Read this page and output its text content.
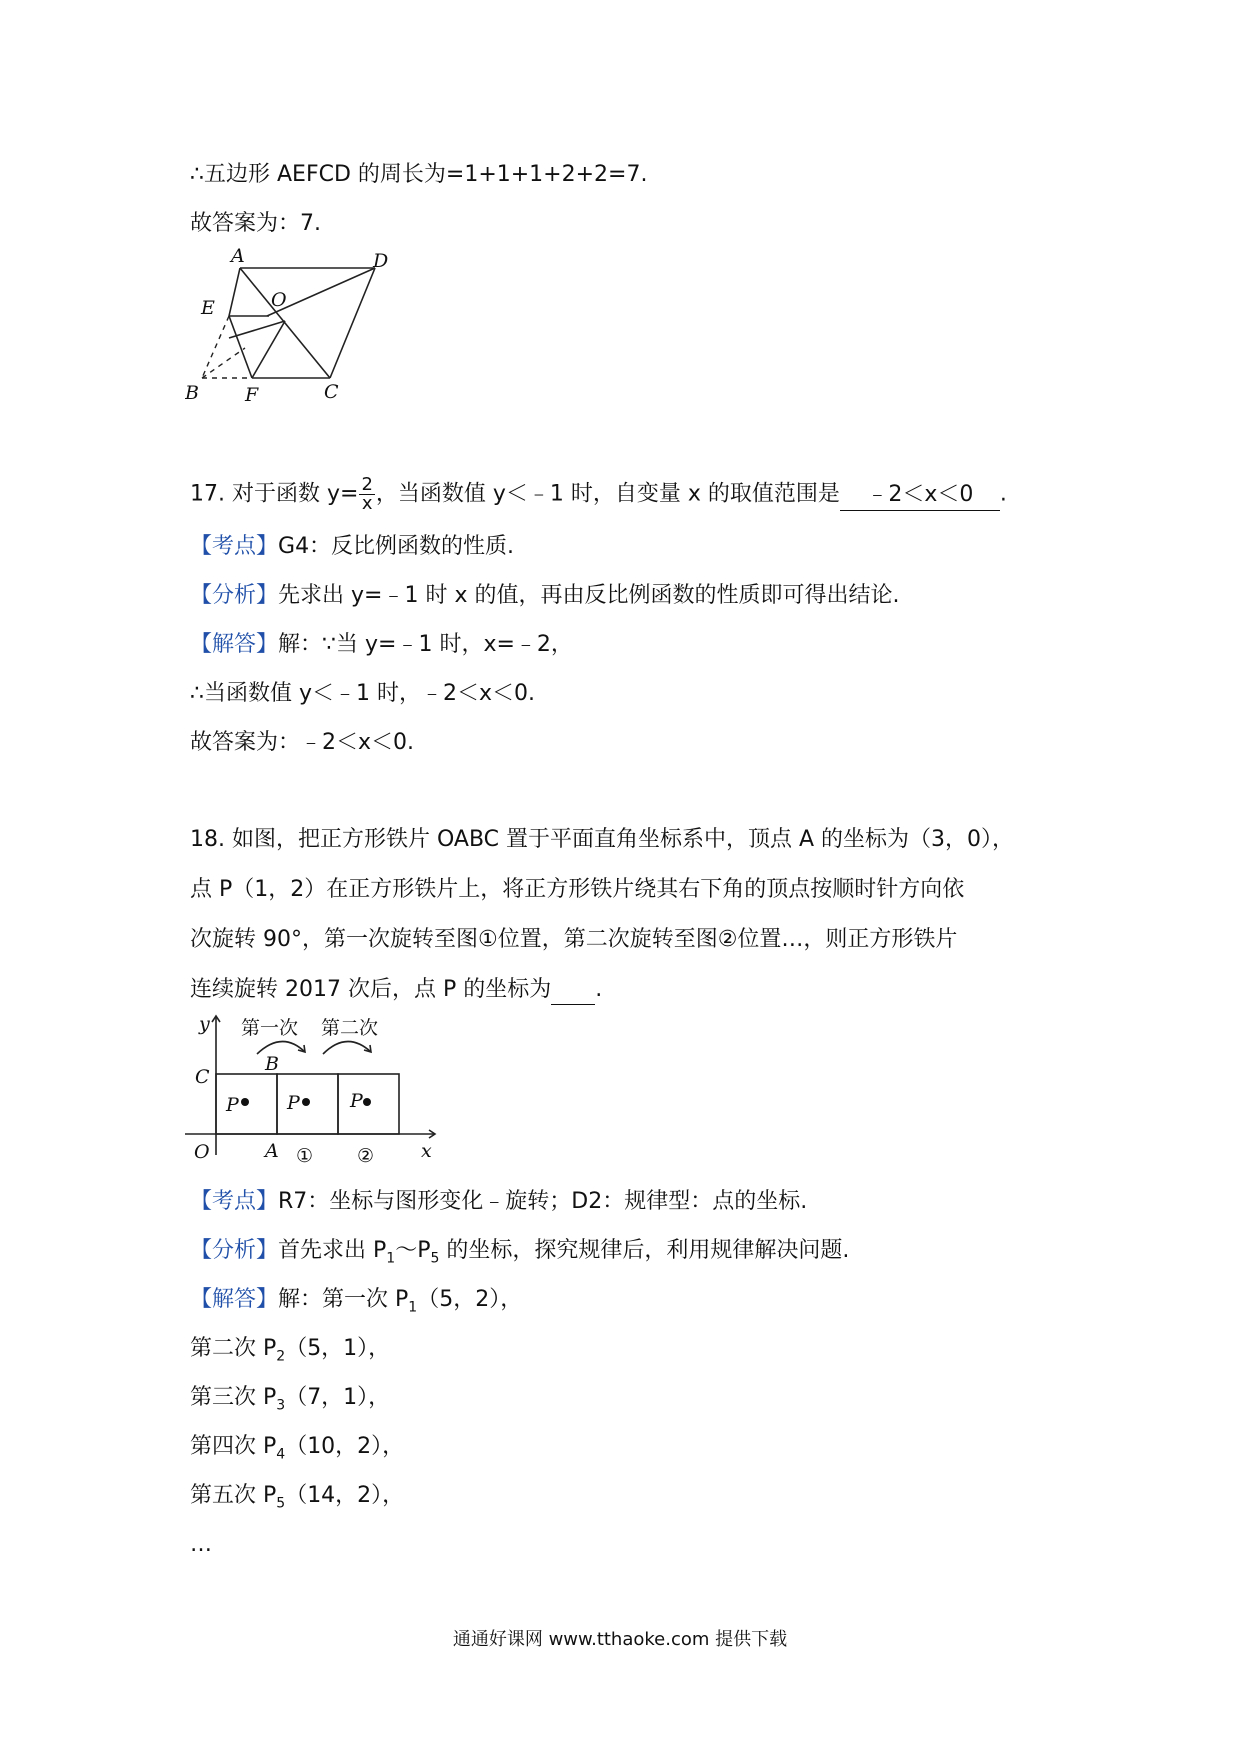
∴五边形 AEFCD 的周长为=1+1+1+2+2=7.
故答案为：7.
A	D
E	O
B F	C
17. 对于函数 $y= \frac{2}{x}$ ，当函数值 y＜﹣1 时，自变量 x 的取值范围是 ﹣2＜x＜0 .
【考点】G4：反比例函数的性质.
【分析】先求出 y=﹣1 时 x 的值，再由反比例函数的性质即可得出结论.
【解答】解：∵当 y=﹣1 时，x=﹣2，
∴当函数值 y＜﹣1 时，﹣2＜x＜0.
故答案为：﹣2＜x＜0.
18. 如图，把正方形铁片 OABC 置于平面直角坐标系中，顶点 A 的坐标为（3，0），
点 P（1，2）在正方形铁片上，将正方形铁片绕其右下角的顶点按顺时针方向依
次旋转 90°，第一次旋转至图①位置，第二次旋转至图②位置…，则正方形铁片
连续旋转 2017 次后，点 P 的坐标为 .
y
x
O
C
B
A
第一次 第二次
P	P	P
① ②
【考点】R7：坐标与图形变化﹣旋转；D2：规律型：点的坐标.
【分析】首先求出 $P_1\sim P_5$ 的坐标，探究规律后，利用规律解决问题.
【解答】解：第一次 $P_1(5$，2），
第二次 $P_2(5$，1），
第三次 $P_3(7$，1），
第四次 $P_4(10$，2），
第五次 $P_5(14$，2），
…
通通好课网 www.tthaoke.com 提供下载
